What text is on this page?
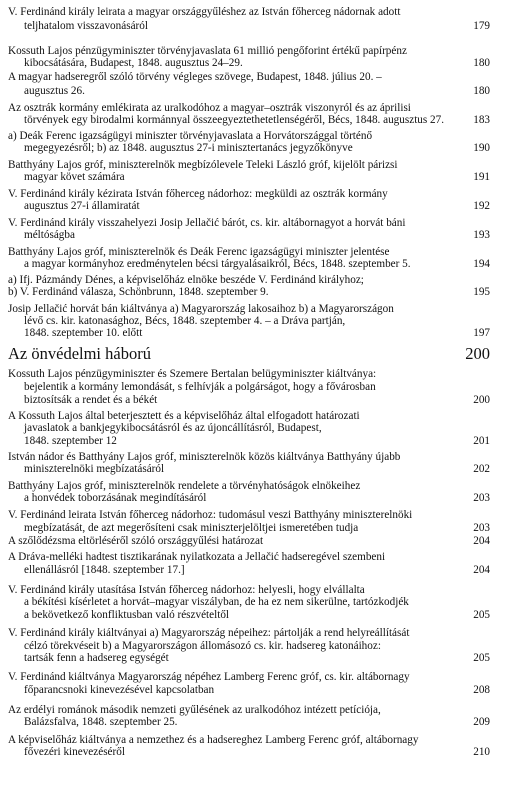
V. Ferdinánd király leirata a magyar országgyűléshez az István főherceg nádornak adott
teljhatalom visszavonásáról	179
Kossuth Lajos pénzügyminiszter törvényjavaslata 61 millió pengőforint értékű papírpénz
kibocsátására, Budapest, 1848. augusztus 24–29.	180
A magyar hadseregről szóló törvény végleges szövege, Budapest, 1848. július 20. –
augusztus 26.	180
Az osztrák kormány emlékirata az uralkodóhoz a magyar–osztrák viszonyról és az áprilisi
törvények egy birodalmi kormánnyal összeegyeztethetetlenségéről, Bécs, 1848. augusztus 27.	183
a) Deák Ferenc igazságügyi miniszter törvényjavaslata a Horvátországgal történő
megegyezésről; b) az 1848. augusztus 27-i minisztertanács jegyzőkönyve	190
Batthyány Lajos gróf, miniszterelnök megbízólevele Teleki László gróf, kijelölt párizsi
magyar követ számára	191
V. Ferdinánd király kézirata István főherceg nádorhoz: megküldi az osztrák kormány
augusztus 27-i államiratát	192
V. Ferdinánd király visszahelyezi Josip Jellačić bárót, cs. kir. altábornagyot a horvát báni
méltóságba	193
Batthyány Lajos gróf, miniszterelnök és Deák Ferenc igazságügyi miniszter jelentése
a magyar kormányhoz eredménytelen bécsi tárgyalásaikról, Bécs, 1848. szeptember 5.	194
a) Ifj. Pázmándy Dénes, a képviselőház elnöke beszéde V. Ferdinánd királyhoz;
b) V. Ferdinánd válasza, Schönbrunn, 1848. szeptember 9.	195
Josip Jellačić horvát bán kiáltványa a) Magyarország lakosaihoz b) a Magyarországon
lévő cs. kir. katonasághoz, Bécs, 1848. szeptember 4. – a Dráva partján,
1848. szeptember 10. előtt	197
Az önvédelmi háború	200
Kossuth Lajos pénzügyminiszter és Szemere Bertalan belügyminiszter kiáltványa:
bejelentik a kormány lemondását, s felhívják a polgárságot, hogy a fővárosban
biztosítsák a rendet és a békét	200
A Kossuth Lajos által beterjesztett és a képviselőház által elfogadott határozati
javaslatok a bankjegykibocsátásról és az újoncállításról, Budapest,
1848. szeptember 12	201
István nádor és Batthyány Lajos gróf, miniszterelnök közös kiáltványa Batthyány újabb
miniszterelnöki megbízatásáról	202
Batthyány Lajos gróf, miniszterelnök rendelete a törvényhatóságok elnökeihez
a honvédek toborzásának megindításáról	203
V. Ferdinánd leirata István főherceg nádorhoz: tudomásul veszi Batthyány miniszterelnöki
megbízatását, de azt megerősíteni csak miniszterjelöltjei ismeretében tudja	203
A szőlődézsma eltörléséről szóló országgyűlési határozat	204
A Dráva-melléki hadtest tisztikarának nyilatkozata a Jellačić hadseregével szembeni
ellenállásról [1848. szeptember 17.]	204
V. Ferdinánd király utasítása István főherceg nádorhoz: helyesli, hogy elvállalta
a békítési kísérletet a horvát–magyar viszályban, de ha ez nem sikerülne, tartózkodjék
a bekövetkező konfliktusban való részvételtől	205
V. Ferdinánd király kiáltványai a) Magyarország népeihez: pártolják a rend helyreállítását
célzó törekvéseit b) a Magyarországon állomásozó cs. kir. hadsereg katonáihoz:
tartsák fenn a hadsereg egységét	205
V. Ferdinánd kiáltványa Magyarország népéhez Lamberg Ferenc gróf, cs. kir. altábornagy
főparancsnoki kinevezésével kapcsolatban	208
Az erdélyi románok második nemzeti gyűlésének az uralkodóhoz intézett petíciója,
Balázsfalva, 1848. szeptember 25.	209
A képviselőház kiáltványa a nemzethez és a hadsereghez Lamberg Ferenc gróf, altábornagy
fővezéri kinevezéséről	210
